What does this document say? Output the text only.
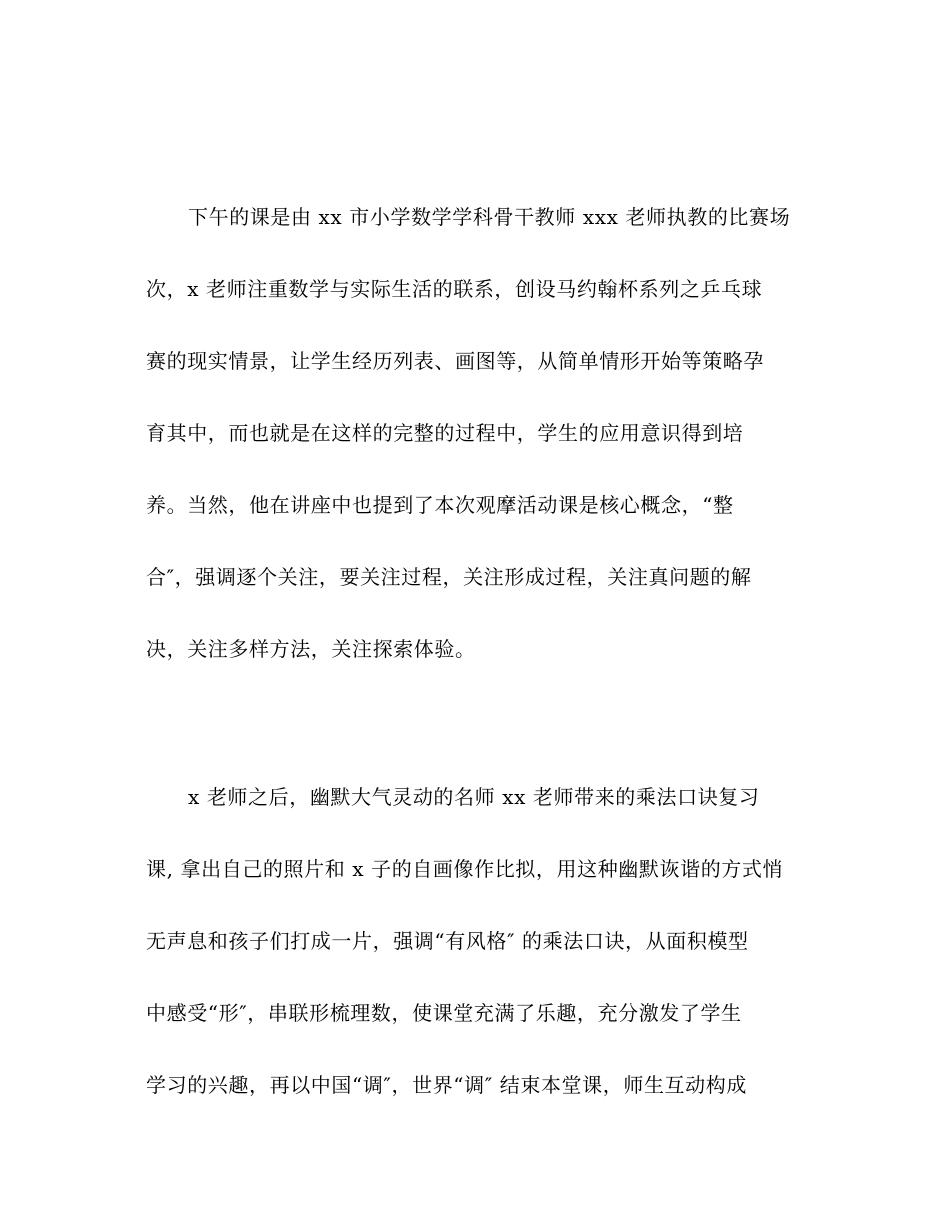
下午的课是由 xx 市小学数学学科骨干教师 xxx 老师执教的比赛场
次，x 老师注重数学与实际生活的联系，创设马约翰杯系列之乒乓球
赛的现实情景，让学生经历列表、画图等，从简单情形开始等策略孕
育其中，而也就是在这样的完整的过程中，学生的应用意识得到培
养。当然，他在讲座中也提到了本次观摩活动课是核心概念，“整
合″，强调逐个关注，要关注过程，关注形成过程，关注真问题的解
决，关注多样方法，关注探索体验。
x 老师之后，幽默大气灵动的名师 xx 老师带来的乘法口诀复习
课, 拿出自己的照片和 x 子的自画像作比拟，用这种幽默诙谐的方式悄
无声息和孩子们打成一片，强调“有风格″ 的乘法口诀，从面积模型
中感受“形″，串联形梳理数，使课堂充满了乐趣，充分激发了学生
学习的兴趣，再以中国“调″，世界“调″ 结束本堂课，师生互动构成
